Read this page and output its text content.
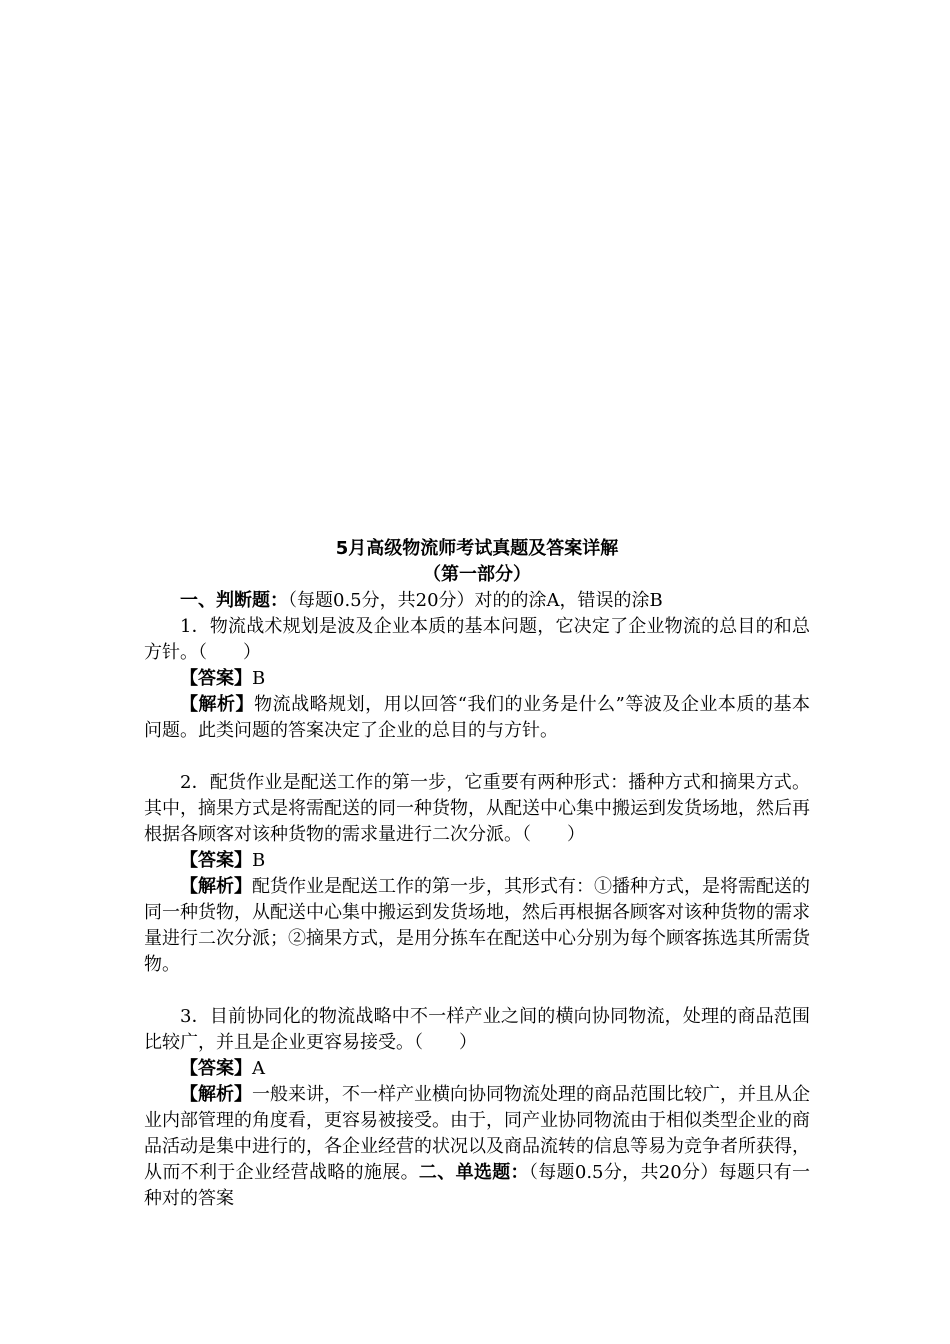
5月高级物流师考试真题及答案详解
（第一部分）

一、判断题：（每题0.5分，共20分）对的的涂A，错误的涂B

1．物流战术规划是波及企业本质的基本问题，它决定了企业物流的总目的和总方针。（　　）

【答案】B

【解析】物流战略规划，用以回答“我们的业务是什么”等波及企业本质的基本问题。此类问题的答案决定了企业的总目的与方针。

2．配货作业是配送工作的第一步，它重要有两种形式：播种方式和摘果方式。其中，摘果方式是将需配送的同一种货物，从配送中心集中搬运到发货场地，然后再根据各顾客对该种货物的需求量进行二次分派。（　　）

【答案】B

【解析】配货作业是配送工作的第一步，其形式有：①播种方式，是将需配送的同一种货物，从配送中心集中搬运到发货场地，然后再根据各顾客对该种货物的需求量进行二次分派；②摘果方式，是用分拣车在配送中心分别为每个顾客拣选其所需货物。

3．目前协同化的物流战略中不一样产业之间的横向协同物流，处理的商品范围比较广，并且是企业更容易接受。（　　）

【答案】A

【解析】一般来讲，不一样产业横向协同物流处理的商品范围比较广，并且从企业内部管理的角度看，更容易被接受。由于，同产业协同物流由于相似类型企业的商品活动是集中进行的，各企业经营的状况以及商品流转的信息等易为竞争者所获得，从而不利于企业经营战略的施展。二、单选题：（每题0.5分，共20分）每题只有一种对的答案
